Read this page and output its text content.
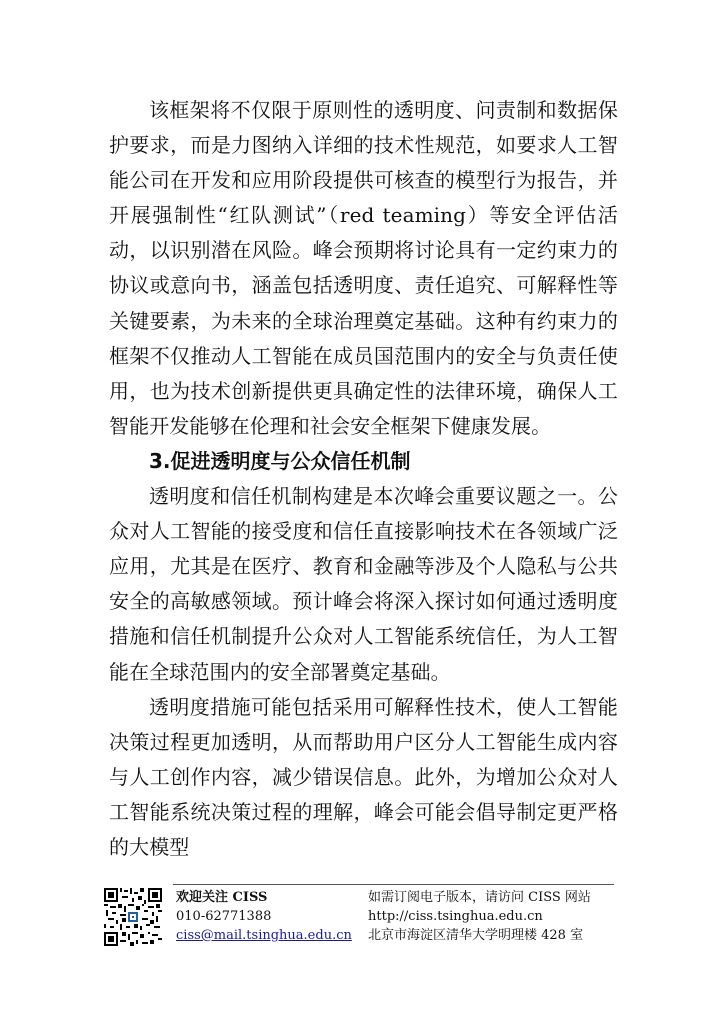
该框架将不仅限于原则性的透明度、问责制和数据保护要求，而是力图纳入详细的技术性规范，如要求人工智能公司在开发和应用阶段提供可核查的模型行为报告，并开展强制性“红队测试”（red teaming）等安全评估活动，以识别潜在风险。峰会预期将讨论具有一定约束力的协议或意向书，涵盖包括透明度、责任追究、可解释性等关键要素，为未来的全球治理奠定基础。这种有约束力的框架不仅推动人工智能在成员国范围内的安全与负责任使用，也为技术创新提供更具确定性的法律环境，确保人工智能开发能够在伦理和社会安全框架下健康发展。

3.促进透明度与公众信任机制

透明度和信任机制构建是本次峰会重要议题之一。公众对人工智能的接受度和信任直接影响技术在各领域广泛应用，尤其是在医疗、教育和金融等涉及个人隐私与公共安全的高敏感领域。预计峰会将深入探讨如何通过透明度措施和信任机制提升公众对人工智能系统信任，为人工智能在全球范围内的安全部署奠定基础。

透明度措施可能包括采用可解释性技术，使人工智能决策过程更加透明，从而帮助用户区分人工智能生成内容与人工创作内容，减少错误信息。此外，为增加公众对人工智能系统决策过程的理解，峰会可能会倡导制定更严格的大模型

欢迎关注 CISS
010-62771388
ciss@mail.tsinghua.edu.cn
如需订阅电子版本，请访问 CISS 网站
http://ciss.tsinghua.edu.cn
北京市海淀区清华大学明理楼 428 室
